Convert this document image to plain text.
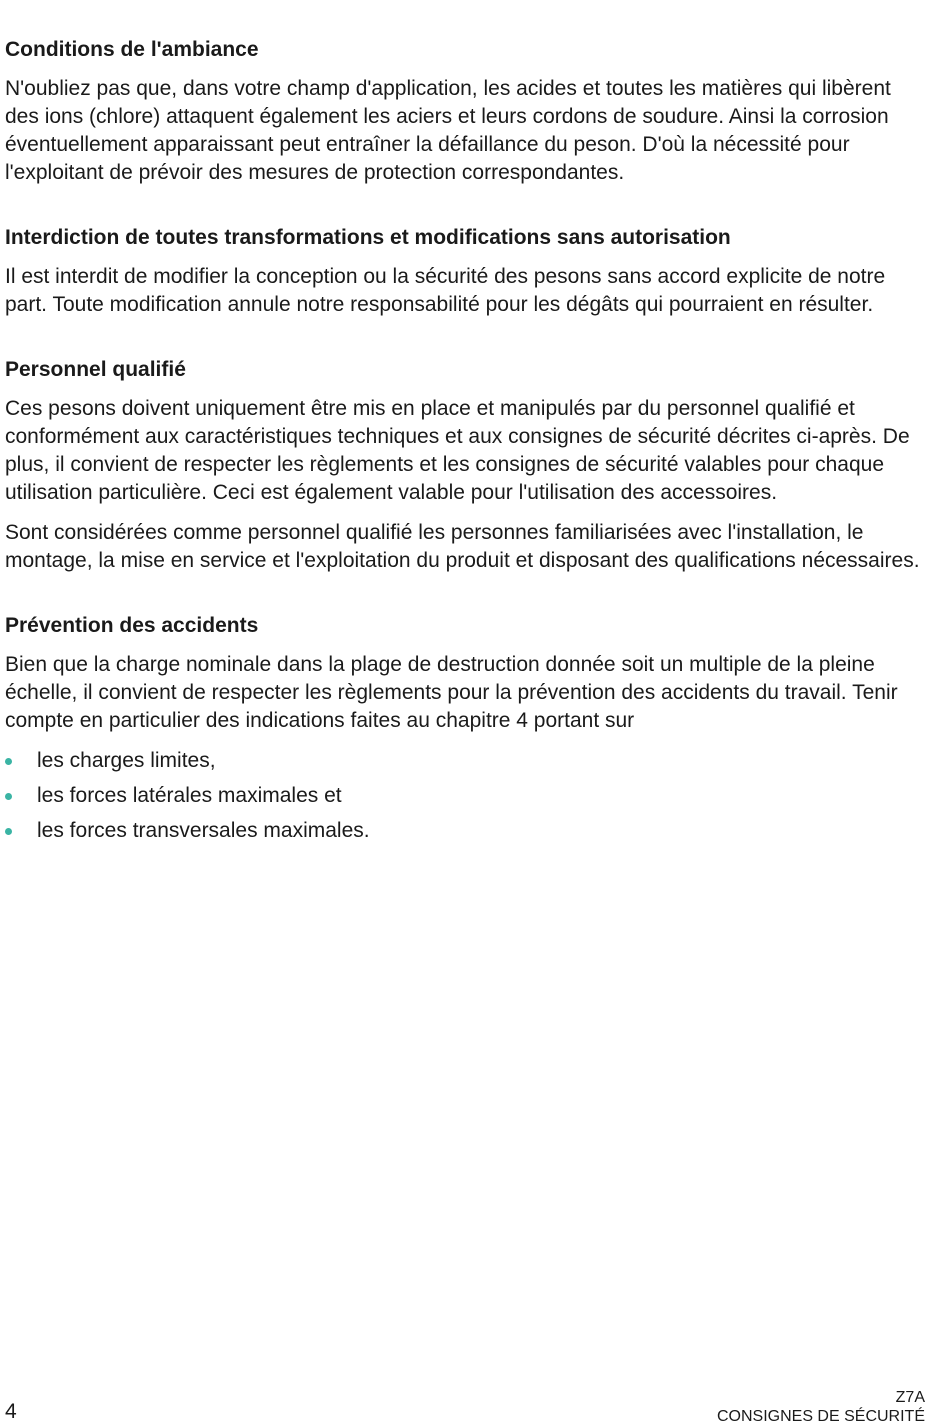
Conditions de l'ambiance

N'oubliez pas que, dans votre champ d'application, les acides et toutes les matières qui libèrent des ions (chlore) attaquent également les aciers et leurs cordons de soudure. Ainsi la corrosion éventuellement apparaissant peut entraîner la défaillance du peson. D'où la nécessité pour l'exploitant de prévoir des mesures de protection correspondantes.

Interdiction de toutes transformations et modifications sans autorisation

Il est interdit de modifier la conception ou la sécurité des pesons sans accord explicite de notre part. Toute modification annule notre responsabilité pour les dégâts qui pourraient en résulter.

Personnel qualifié

Ces pesons doivent uniquement être mis en place et manipulés par du personnel qualifié et conformément aux caractéristiques techniques et aux consignes de sécurité décrites ci-après. De plus, il convient de respecter les règlements et les consignes de sécurité valables pour chaque utilisation particulière. Ceci est également valable pour l'utilisation des accessoires.

Sont considérées comme personnel qualifié les personnes familiarisées avec l'installation, le montage, la mise en service et l'exploitation du produit et disposant des qualifications nécessaires.

Prévention des accidents

Bien que la charge nominale dans la plage de destruction donnée soit un multiple de la pleine échelle, il convient de respecter les règlements pour la prévention des accidents du travail. Tenir compte en particulier des indications faites au chapitre 4 portant sur

les charges limites,
les forces latérales maximales et
les forces transversales maximales.
4
Z7A
CONSIGNES DE SÉCURITÉ
